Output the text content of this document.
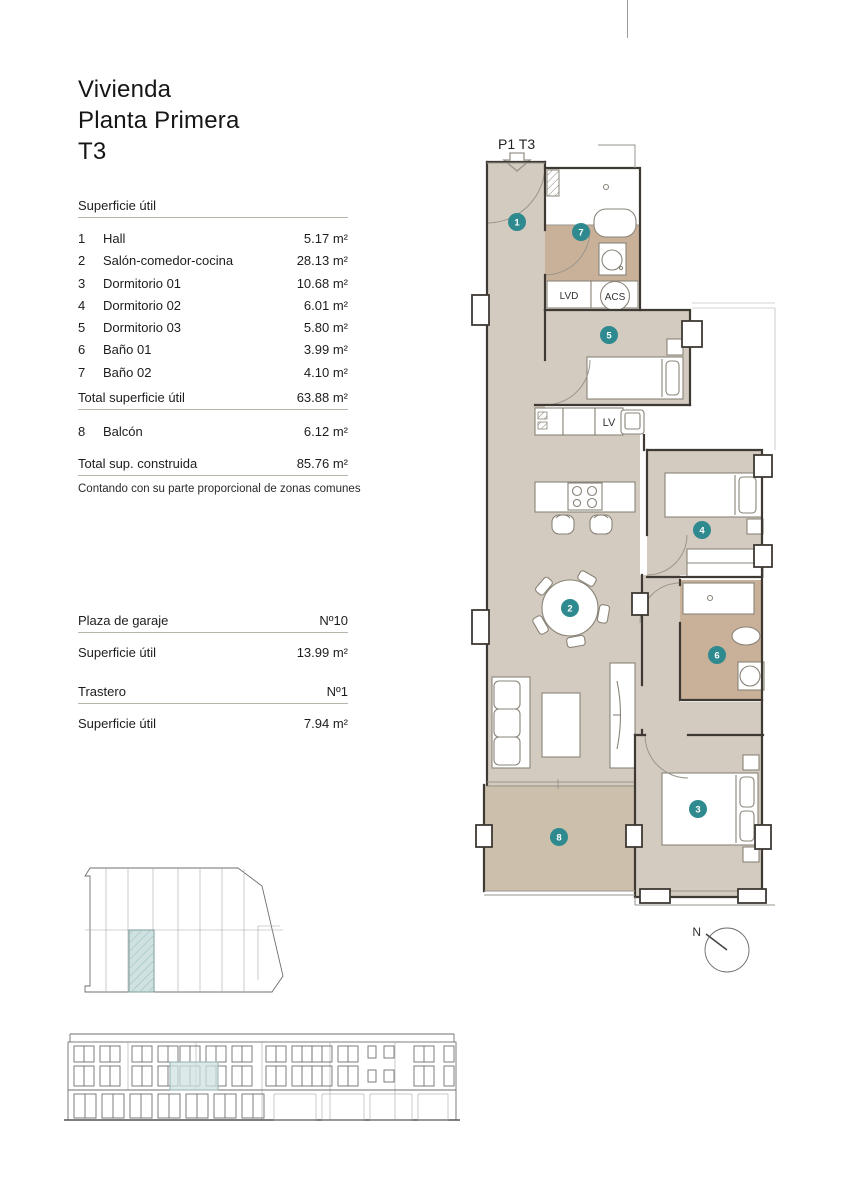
Vivienda
Planta Primera
T3
Superficie útil
1	Hall	5.17 m²
2	Salón-comedor-cocina	28.13 m²
3	Dormitorio 01	10.68 m²
4	Dormitorio 02	6.01 m²
5	Dormitorio 03	5.80 m²
6	Baño 01	3.99 m²
7	Baño 02	4.10 m²
Total superficie útil	63.88 m²
8	Balcón	6.12 m²
Total sup. construida	85.76 m²
Contando con su parte proporcional de zonas comunes
Plaza de garaje	Nº10
Superficie útil	13.99 m²
Trastero	Nº1
Superficie útil	7.94 m²
P1 T3
LVD	ACS
LV
1
2
3
4
5
6
7
8
N
